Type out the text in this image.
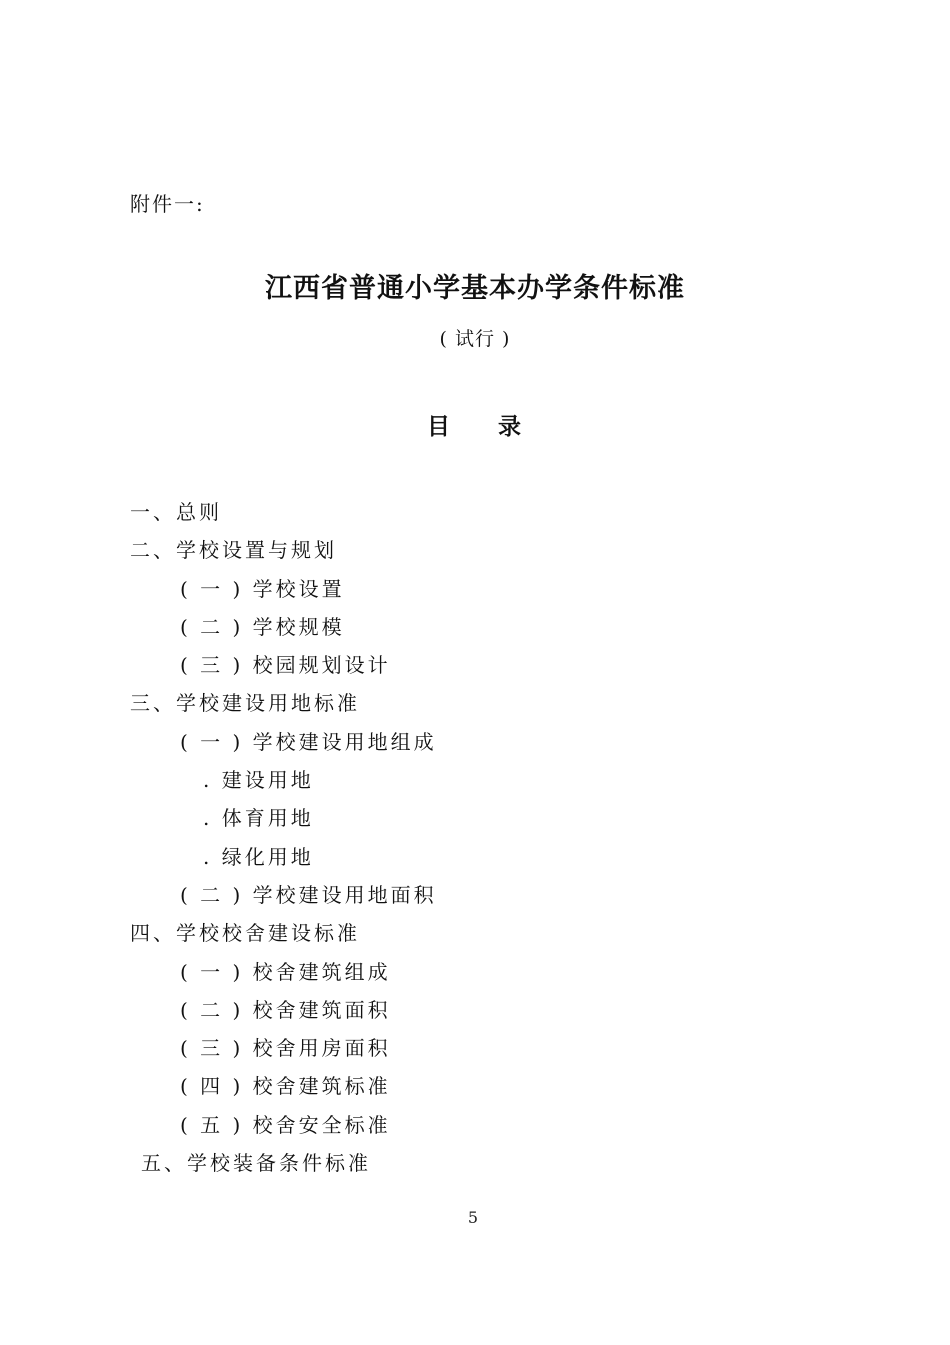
附件一:
江西省普通小学基本办学条件标准
( 试行 )
目 录
一、总则
二、学校设置与规划
( 一 ) 学校设置
( 二 ) 学校规模
( 三 ) 校园规划设计
三、学校建设用地标准
( 一 ) 学校建设用地组成
. 建设用地
. 体育用地
. 绿化用地
( 二 ) 学校建设用地面积
四、学校校舍建设标准
( 一 ) 校舍建筑组成
( 二 ) 校舍建筑面积
( 三 ) 校舍用房面积
( 四 ) 校舍建筑标准
( 五 ) 校舍安全标准
五、学校装备条件标准
5
